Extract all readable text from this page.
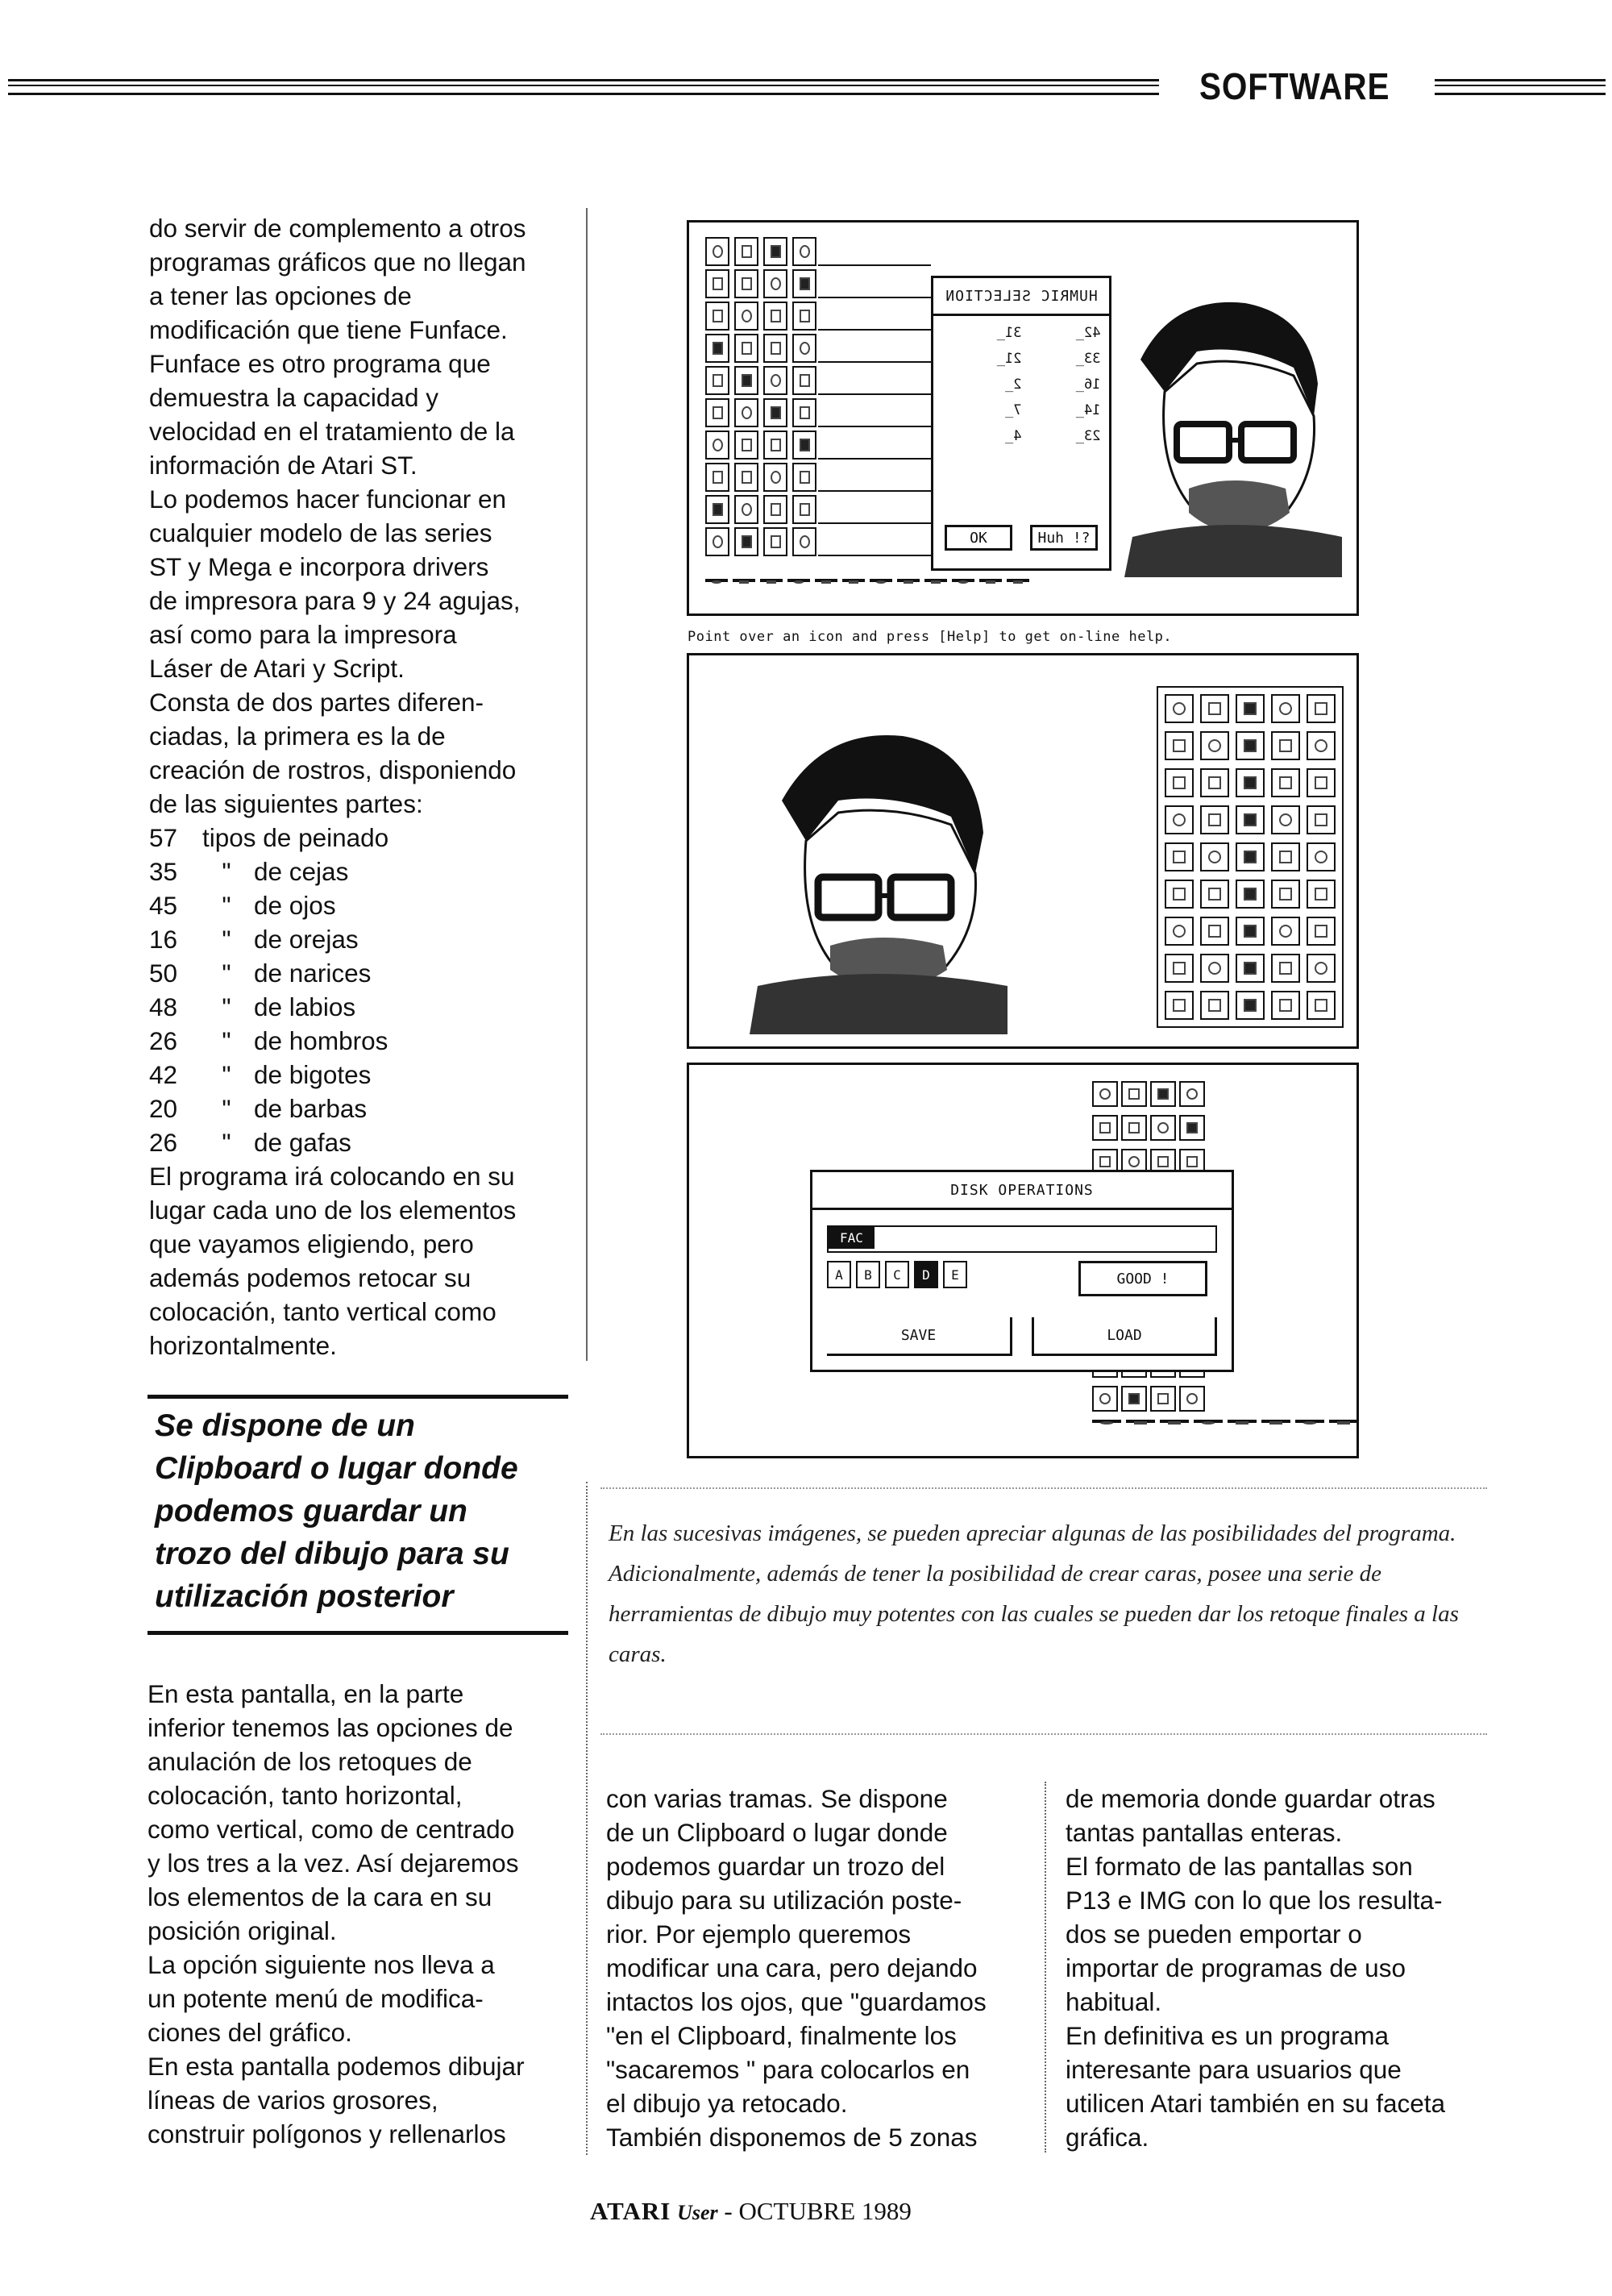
SOFTWARE
do servir de complemento a otros
programas gráficos que no llegan
a tener las opciones de
modificación que tiene Funface.
Funface es otro programa que
demuestra la capacidad y
velocidad en el tratamiento de la
información de Atari ST.
Lo podemos hacer funcionar en
cualquier modelo de las series
ST y Mega e incorpora drivers
de impresora para 9 y 24 agujas,
así como para la impresora
Láser de Atari y Script.
Consta de dos partes diferen-
ciadas, la primera es la de
creación de rostros, disponiendo
de las siguientes partes:
57 tipos de peinado
35	" de cejas
45	" de ojos
16	" de orejas
50	" de narices
48	" de labios
26	" de hombros
42	" de bigotes
20	" de barbas
26	" de gafas
El programa irá colocando en su
lugar cada uno de los elementos
que vayamos eligiendo, pero
además podemos retocar su
colocación, tanto vertical como
horizontalmente.
Se dispone de un
Clipboard o lugar donde
podemos guardar un
trozo del dibujo para su
utilización posterior
En esta pantalla, en la parte
inferior tenemos las opciones de
anulación de los retoques de
colocación, tanto horizontal,
como vertical, como de centrado
y los tres a la vez. Así dejaremos
los elementos de la cara en su
posición original.
La opción siguiente nos lleva a
un potente menú de modifica-
ciones del gráfico.
En esta pantalla podemos dibujar
líneas de varios grosores,
construir polígonos y rellenarlos
HUMRIC SELECTION
31_	42_
21_	33_
2_	16_
7_	14_
4_	23_
OK	Huh !?
Point over an icon and press [Help] to get on-line help.
DISK OPERATIONS
FAC
A	B	C	D	E	GOOD !
SAVE	LOAD
En las sucesivas imágenes, se pueden apreciar algunas de las posibilidades del programa.
Adicionalmente, además de tener la posibilidad de crear caras, posee una serie de herramientas de dibujo muy potentes con las cuales se pueden dar los retoque finales a las caras.
con varias tramas. Se dispone
de un Clipboard o lugar donde
podemos guardar un trozo del
dibujo para su utilización poste-
rior. Por ejemplo queremos
modificar una cara, pero dejando
intactos los ojos, que "guardamos
"en el Clipboard, finalmente los
"sacaremos " para colocarlos en
el dibujo ya retocado.
También disponemos de 5 zonas
de memoria donde guardar otras
tantas pantallas enteras.
El formato de las pantallas son
P13 e IMG con lo que los resulta-
dos se pueden emportar o
importar de programas de uso
habitual.
En definitiva es un programa
interesante para usuarios que
utilicen Atari también en su faceta
gráfica.
ATARI User - OCTUBRE 1989
